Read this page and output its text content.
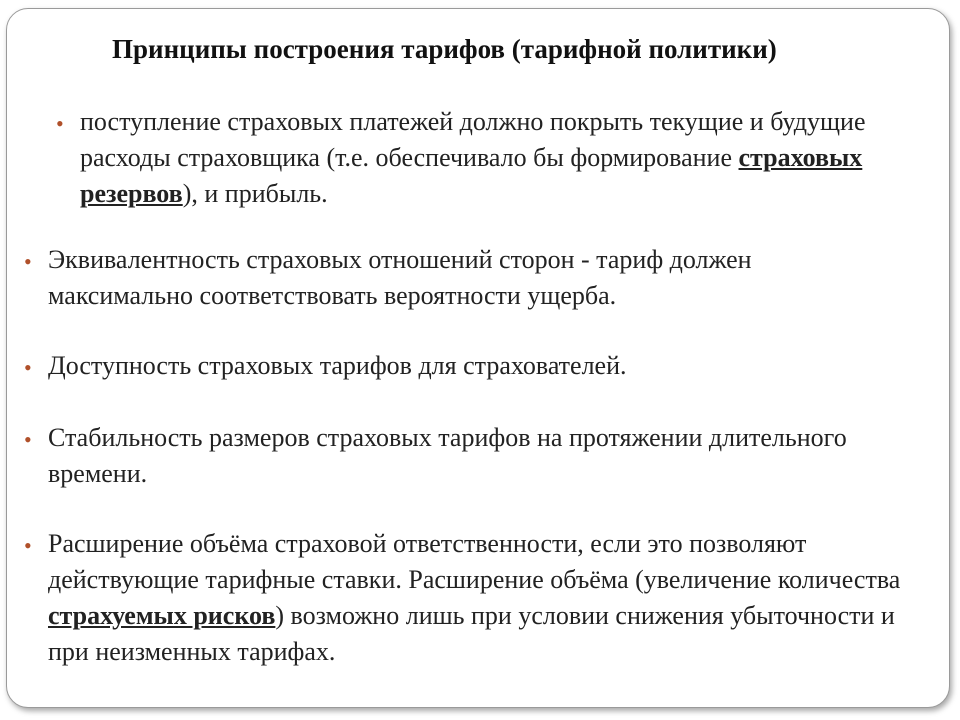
Принципы построения тарифов (тарифной политики)
• поступление страховых платежей должно покрыть текущие и будущие расходы страховщика (т.е. обеспечивало бы формирование страховых резервов), и прибыль.
• Эквивалентность страховых отношений сторон - тариф должен максимально соответствовать вероятности ущерба.
• Доступность страховых тарифов для страхователей.
• Стабильность размеров страховых тарифов на протяжении длительного времени.
• Расширение объёма страховой ответственности, если это позволяют действующие тарифные ставки. Расширение объёма (увеличение количества страхуемых рисков) возможно лишь при условии снижения убыточности и при неизменных тарифах.
